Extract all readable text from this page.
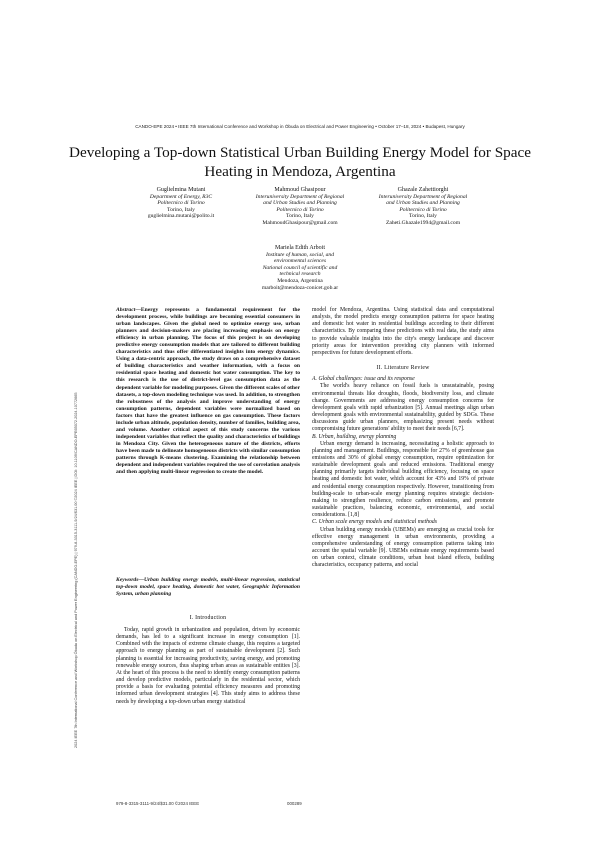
CANDO-EPE 2024 • IEEE 7th International Conference and Workshop in Óbuda on Electrical and Power Engineering • October 17–18, 2024 • Budapest, Hungary
2024 IEEE 7th International Conference and Workshop Óbuda on Electrical and Power Engineering (CANDO-EPE) | 979-8-3315-3111-9/24/$31.00 ©2024 IEEE | DOI: 10.1109/CANDO-EPE65072.2024.10772665
Developing a Top-down Statistical Urban Building Energy Model for Space Heating in Mendoza, Argentina
Guglielmina Mutani
Department of Energy, R3C
Politecnico di Torino
Torino, Italy
guglielmina.mutani@polito.it
Mahmoud Ghasipour
Interuniversity Department of Regional
and Urban Studies and Planning
Politecnico di Torino
Torino, Italy
MahmoudGhasipour@gmail.com
Ghazale Zahettiorghi
Interuniversity Department of Regional
and Urban Studies and Planning
Politecnico di Torino
Torino, Italy
Zaheti.Ghazale1994@gmail.com
Mariela Edith Arboit
Institute of human, social, and
environmental sciences
National council of scientific and
technical research
Mendoza, Argentina
marboit@mendoza-conicet.gob.ar
Abstract—Energy represents a fundamental requirement for the development process, while buildings are becoming essential consumers in urban landscapes. Given the global need to optimize energy use, urban planners and decision-makers are placing increasing emphasis on energy efficiency in urban planning. The focus of this project is on developing predictive energy consumption models that are tailored to different building characteristics and thus offer differentiated insights into energy dynamics. Using a data-centric approach, the study draws on a comprehensive dataset of building characteristics and weather information, with a focus on residential space heating and domestic hot water consumption. The key to this research is the use of district-level gas consumption data as the dependent variable for modeling purposes. Given the different scales of other datasets, a top-down modeling technique was used. In addition, to strengthen the robustness of the analysis and improve understanding of energy consumption patterns, dependent variables were normalized based on factors that have the greatest influence on gas consumption. These factors include urban altitude, population density, number of families, building area, and volume. Another critical aspect of this study concerns the various independent variables that reflect the quality and characteristics of buildings in Mendoza City. Given the heterogeneous nature of the districts, efforts have been made to delineate homogeneous districts with similar consumption patterns through K-means clustering. Examining the relationship between dependent and independent variables required the use of correlation analysis and then applying multi-linear regression to create the model.
Keywords—Urban building energy models, multi-linear regression, statistical top-down model, space heating, domestic hot water, Geographic Information System, urban planning
I. Introduction

Today, rapid growth in urbanization and population, driven by economic demands, has led to a significant increase in energy consumption [1]. Combined with the impacts of extreme climate change, this requires a targeted approach to energy planning as part of sustainable development [2]. Such planning is essential for increasing productivity, saving energy, and promoting renewable energy sources, thus shaping urban areas as sustainable entities [3]. At the heart of this process is the need to identify energy consumption patterns and develop predictive models, particularly in the residential sector, which provide a basis for evaluating potential efficiency measures and promoting informed urban development strategies [4]. This study aims to address these needs by developing a top-down urban energy statistical

model for Mendoza, Argentina. Using statistical data and computational analysis, the model predicts energy consumption patterns for space heating and domestic hot water in residential buildings according to their different characteristics. By comparing these predictions with real data, the study aims to provide valuable insights into the city's energy landscape and discover priority areas for intervention providing city planners with informed perspectives for future development efforts.

II. Literature Review
A. Global challenges: issue and its response

The world's heavy reliance on fossil fuels is unsustainable, posing environmental threats like droughts, floods, biodiversity loss, and climate change. Governments are addressing energy consumption concerns for development goals with rapid urbanization [5]. Annual meetings align urban development goals with environmental sustainability, guided by SDGs. These discussions guide urban planners, emphasizing present needs without compromising future generations' ability to meet their needs [6,7].

B. Urban, building, energy planning

Urban energy demand is increasing, necessitating a holistic approach to planning and management. Buildings, responsible for 27% of greenhouse gas emissions and 30% of global energy consumption, require optimization for sustainable development goals and reduced emissions. Traditional energy planning primarily targets individual building efficiency, focusing on space heating and domestic hot water, which account for 43% and 19% of private and residential energy consumption respectively. However, transitioning from building-scale to urban-scale energy planning requires strategic decision-making to strengthen resilience, reduce carbon emissions, and promote sustainable practices, balancing economic, environmental, and social considerations. [1,8]

C. Urban scale energy models and statistical methods

Urban building energy models (UBEMs) are emerging as crucial tools for effective energy management in urban environments, providing a comprehensive understanding of energy consumption patterns taking into account the spatial variable [9]. UBEMs estimate energy requirements based on urban context, climate conditions, urban heat island effects, building characteristics, occupancy patterns, and social

979-8-3315-3111-9/24/$31.00 ©2024 IEEE	000289
